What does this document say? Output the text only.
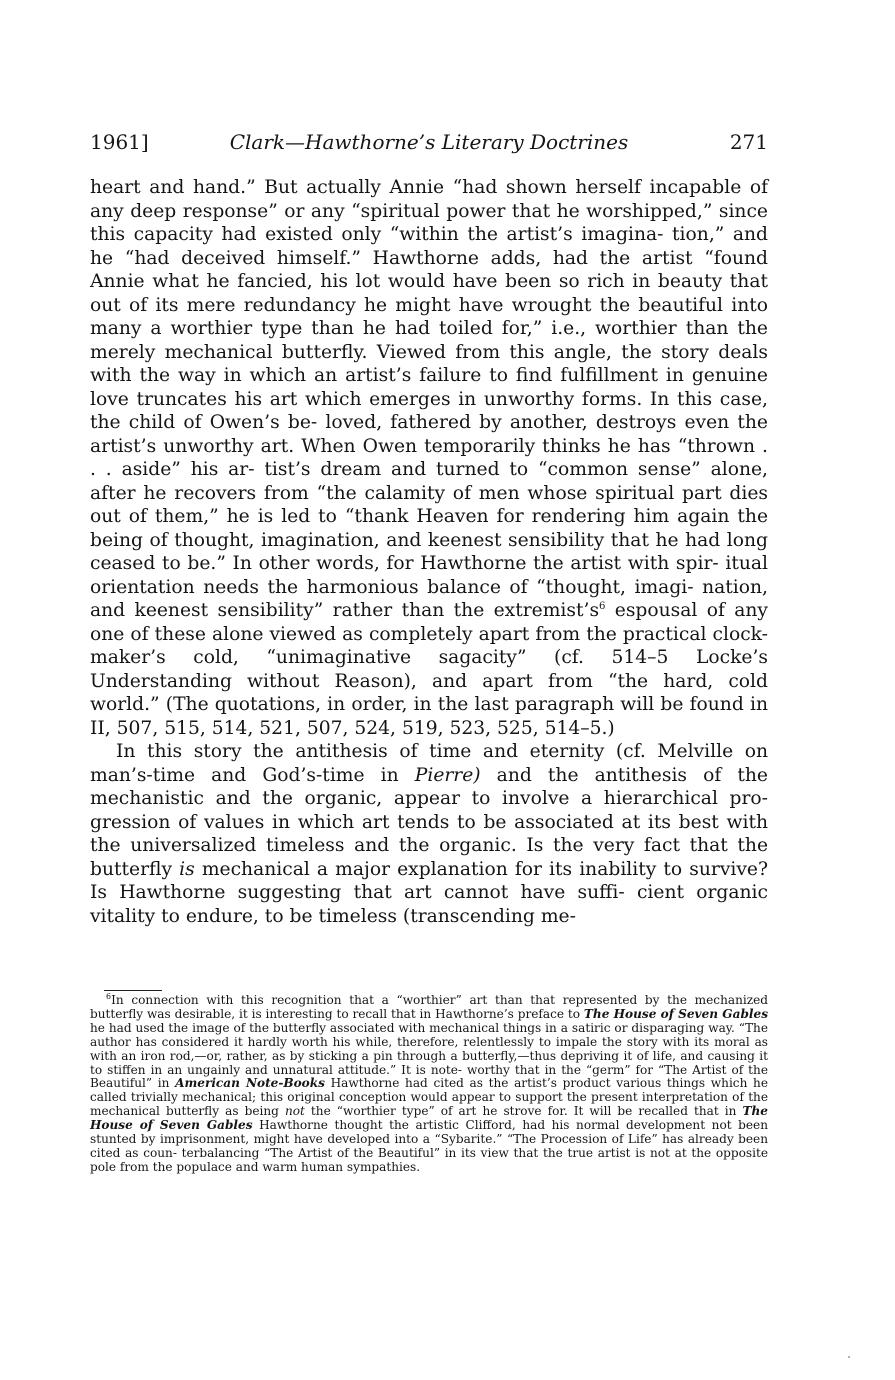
1961]	Clark—Hawthorne’s Literary Doctrines	271

heart and hand.” But actually Annie “had shown herself incapable of any deep response” or any “spiritual power that he worshipped,” since this capacity had existed only “within the artist’s imagina- tion,” and he “had deceived himself.” Hawthorne adds, had the artist “found Annie what he fancied, his lot would have been so rich in beauty that out of its mere redundancy he might have wrought the beautiful into many a worthier type than he had toiled for,” i.e., worthier than the merely mechanical butterfly. Viewed from this angle, the story deals with the way in which an artist’s failure to find fulfillment in genuine love truncates his art which emerges in unworthy forms. In this case, the child of Owen’s be- loved, fathered by another, destroys even the artist’s unworthy art. When Owen temporarily thinks he has “thrown . . . aside” his ar- tist’s dream and turned to “common sense” alone, after he recovers from “the calamity of men whose spiritual part dies out of them,” he is led to “thank Heaven for rendering him again the being of thought, imagination, and keenest sensibility that he had long ceased to be.” In other words, for Hawthorne the artist with spir- itual orientation needs the harmonious balance of “thought, imagi- nation, and keenest sensibility” rather than the extremist’s$^6$ espousal of any one of these alone viewed as completely apart from the practical clock-maker’s cold, “unimaginative sagacity” (cf. 514–5 Locke’s Understanding without Reason), and apart from “the hard, cold world.” (The quotations, in order, in the last paragraph will be found in II, 507, 515, 514, 521, 507, 524, 519, 523, 525, 514–5.)

In this story the antithesis of time and eternity (cf. Melville on man’s-time and God’s-time in Pierre) and the antithesis of the mechanistic and the organic, appear to involve a hierarchical pro- gression of values in which art tends to be associated at its best with the universalized timeless and the organic. Is the very fact that the butterfly is mechanical a major explanation for its inability to survive? Is Hawthorne suggesting that art cannot have suffi- cient organic vitality to endure, to be timeless (transcending me-

$^6$In connection with this recognition that a “worthier” art than that represented by the mechanized butterfly was desirable, it is interesting to recall that in Hawthorne’s preface to The House of Seven Gables he had used the image of the butterfly associated with mechanical things in a satiric or disparaging way. “The author has considered it hardly worth his while, therefore, relentlessly to impale the story with its moral as with an iron rod,—or, rather, as by sticking a pin through a butterfly,—thus depriving it of life, and causing it to stiffen in an ungainly and unnatural attitude.” It is note- worthy that in the “germ” for “The Artist of the Beautiful” in American Note-Books Hawthorne had cited as the artist’s product various things which he called trivially mechanical; this original conception would appear to support the present interpretation of the mechanical butterfly as being not the “worthier type” of art he strove for. It will be recalled that in The House of Seven Gables Hawthorne thought the artistic Clifford, had his normal development not been stunted by imprisonment, might have developed into a “Sybarite.” “The Procession of Life” has already been cited as coun- terbalancing “The Artist of the Beautiful” in its view that the true artist is not at the opposite pole from the populace and warm human sympathies.
